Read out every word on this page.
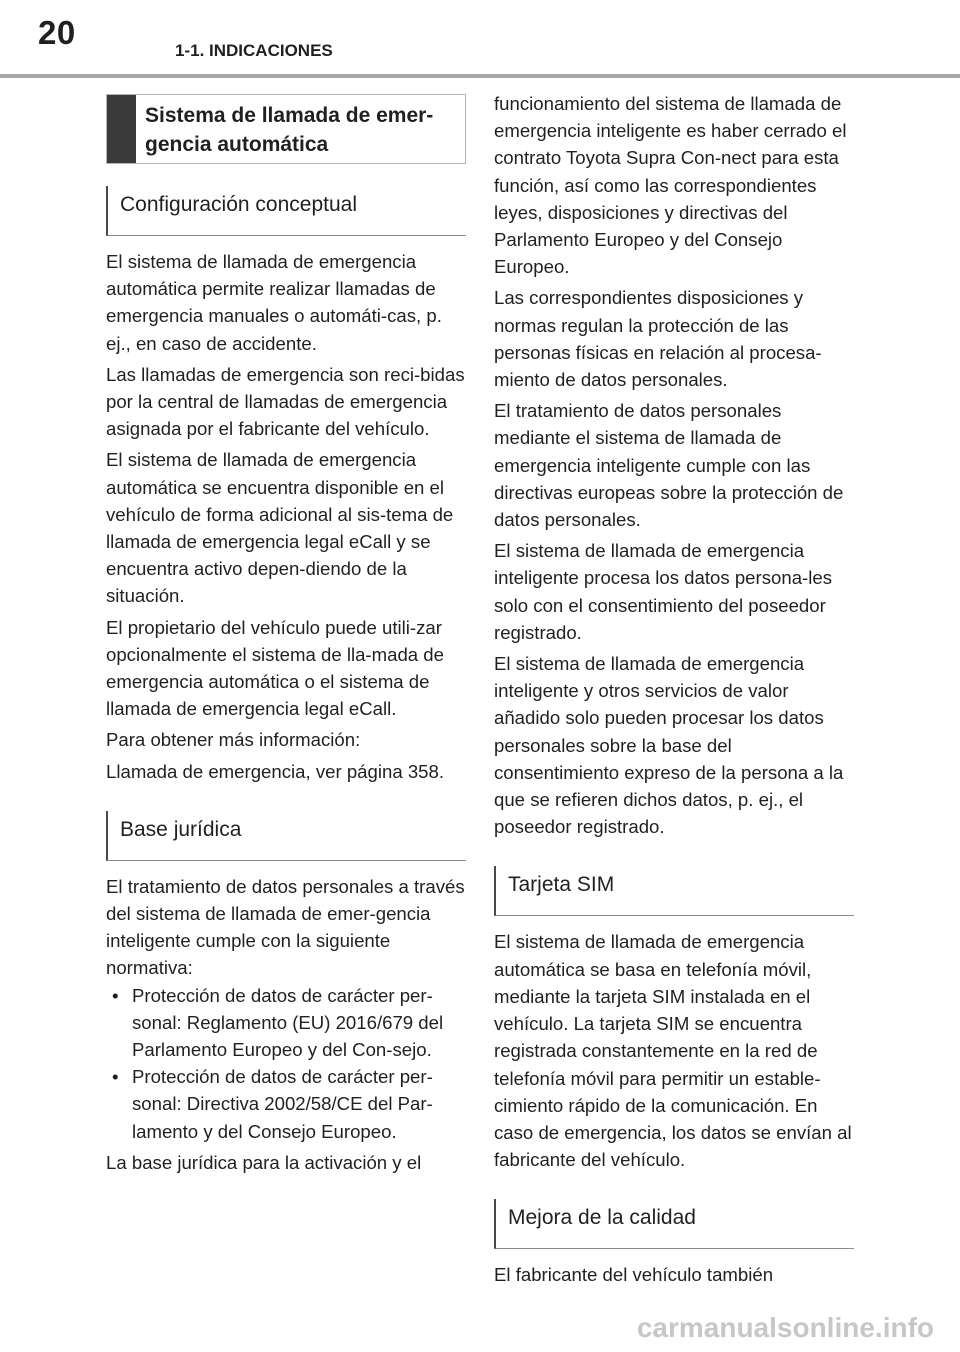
20	1-1. INDICACIONES
Sistema de llamada de emer-gencia automática
Configuración conceptual

El sistema de llamada de emergencia automática permite realizar llamadas de emergencia manuales o automáti-cas, p. ej., en caso de accidente.

Las llamadas de emergencia son reci-bidas por la central de llamadas de emergencia asignada por el fabricante del vehículo.

El sistema de llamada de emergencia automática se encuentra disponible en el vehículo de forma adicional al sis-tema de llamada de emergencia legal eCall y se encuentra activo depen-diendo de la situación.

El propietario del vehículo puede utili-zar opcionalmente el sistema de lla-mada de emergencia automática o el sistema de llamada de emergencia legal eCall.

Para obtener más información:

Llamada de emergencia, ver página 358.

Base jurídica

El tratamiento de datos personales a través del sistema de llamada de emer-gencia inteligente cumple con la siguiente normativa:

• Protección de datos de carácter per-sonal: Reglamento (EU) 2016/679 del Parlamento Europeo y del Con-sejo.
• Protección de datos de carácter per-sonal: Directiva 2002/58/CE del Par-lamento y del Consejo Europeo.

La base jurídica para la activación y el

funcionamiento del sistema de llamada de emergencia inteligente es haber cerrado el contrato Toyota Supra Con-nect para esta función, así como las correspondientes leyes, disposiciones y directivas del Parlamento Europeo y del Consejo Europeo.

Las correspondientes disposiciones y normas regulan la protección de las personas físicas en relación al procesa-miento de datos personales.

El tratamiento de datos personales mediante el sistema de llamada de emergencia inteligente cumple con las directivas europeas sobre la protección de datos personales.

El sistema de llamada de emergencia inteligente procesa los datos persona-les solo con el consentimiento del poseedor registrado.

El sistema de llamada de emergencia inteligente y otros servicios de valor añadido solo pueden procesar los datos personales sobre la base del consentimiento expreso de la persona a la que se refieren dichos datos, p. ej., el poseedor registrado.

Tarjeta SIM

El sistema de llamada de emergencia automática se basa en telefonía móvil, mediante la tarjeta SIM instalada en el vehículo. La tarjeta SIM se encuentra registrada constantemente en la red de telefonía móvil para permitir un estable-cimiento rápido de la comunicación. En caso de emergencia, los datos se envían al fabricante del vehículo.

Mejora de la calidad

El fabricante del vehículo también

carmanualsonline.info
